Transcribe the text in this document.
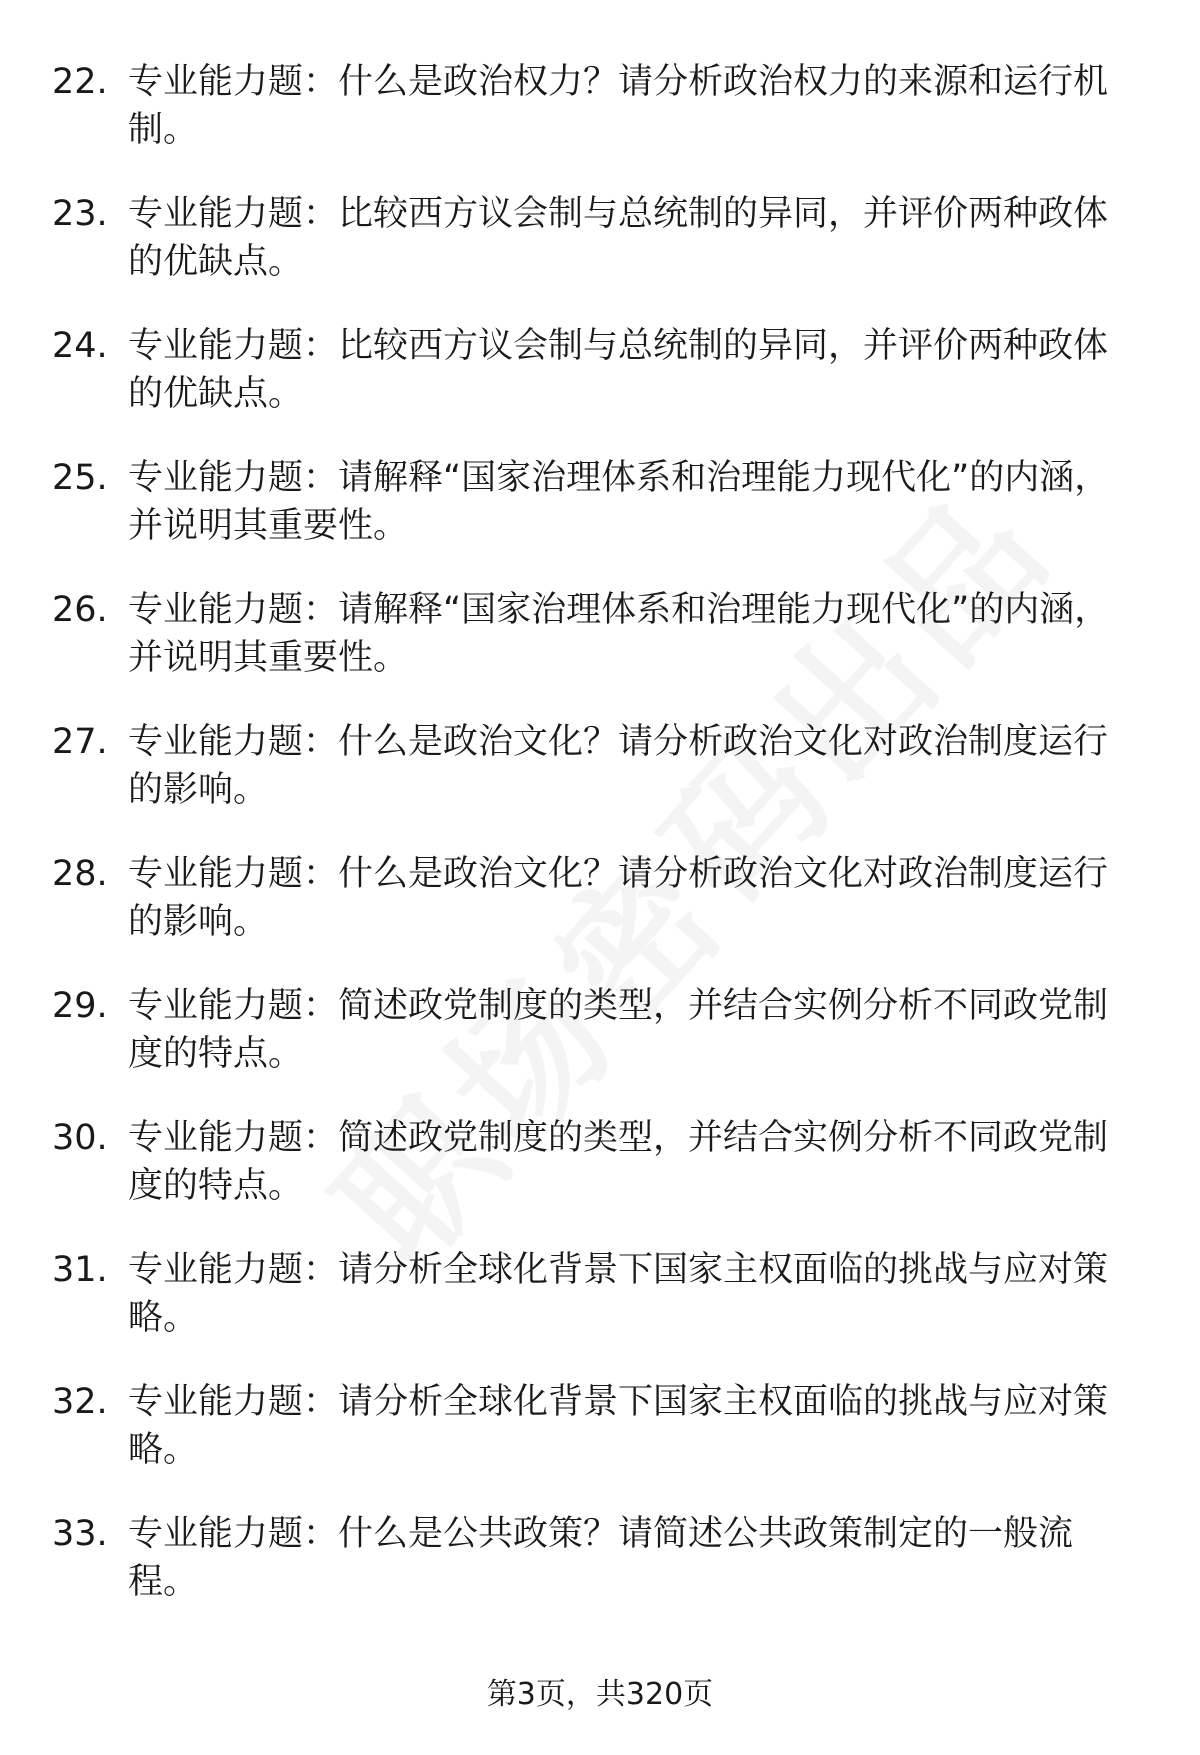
22. 专业能力题：什么是政治权力？请分析政治权力的来源和运行机制。
23. 专业能力题：比较西方议会制与总统制的异同，并评价两种政体的优缺点。
24. 专业能力题：比较西方议会制与总统制的异同，并评价两种政体的优缺点。
25. 专业能力题：请解释“国家治理体系和治理能力现代化”的内涵，并说明其重要性。
26. 专业能力题：请解释“国家治理体系和治理能力现代化”的内涵，并说明其重要性。
27. 专业能力题：什么是政治文化？请分析政治文化对政治制度运行的影响。
28. 专业能力题：什么是政治文化？请分析政治文化对政治制度运行的影响。
29. 专业能力题：简述政党制度的类型，并结合实例分析不同政党制度的特点。
30. 专业能力题：简述政党制度的类型，并结合实例分析不同政党制度的特点。
31. 专业能力题：请分析全球化背景下国家主权面临的挑战与应对策略。
32. 专业能力题：请分析全球化背景下国家主权面临的挑战与应对策略。
33. 专业能力题：什么是公共政策？请简述公共政策制定的一般流程。
第3页，共320页
